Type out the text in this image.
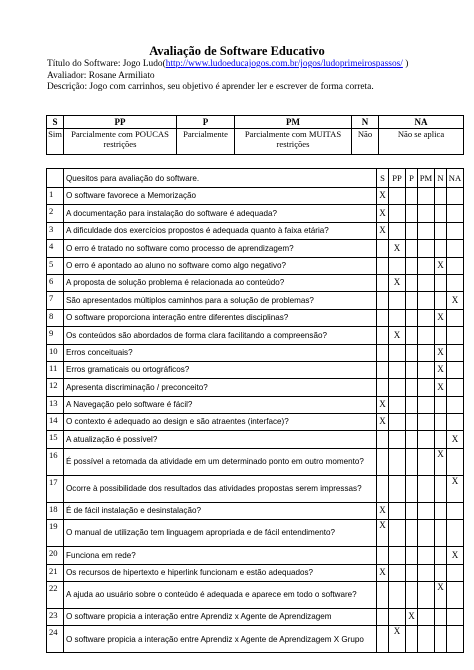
Avaliação de Software Educativo
Título do Software: Jogo Ludo(http://www.ludoeducajogos.com.br/jogos/ludoprimeirospassos/ )
Avaliador: Rosane Armiliato
Descrição: Jogo com carrinhos, seu objetivo é aprender ler e escrever de forma correta.
S	PP	P	PM	N	NA
Sim	Parcialmente com POUCAS restrições	Parcialmente	Parcialmente com MUITAS restrições	Não	Não se aplica
	Quesitos para avaliação do software.	S	PP	P	PM	N	NA
1	O software favorece a Memorização	X					
2	A documentação para instalação do software é adequada?	X					
3	A dificuldade dos exercícios propostos é adequada quanto à faixa etária?	X					
4	O erro é tratado no software como processo de aprendizagem?		X				
5	O erro é apontado ao aluno no software como algo negativo?					X	
6	A proposta de solução problema é relacionada ao conteúdo?		X				
7	São apresentados múltiplos caminhos para a solução de problemas?						X
8	O software proporciona interação entre diferentes disciplinas?					X	
9	Os conteúdos são abordados de forma clara facilitando a compreensão?		X				
10	Erros conceituais?					X	
11	Erros gramaticais ou ortográficos?					X	
12	Apresenta discriminação / preconceito?					X	
13	A Navegação pelo software é fácil?	X					
14	O contexto é adequado ao design e são atraentes (interface)?	X					
15	A atualização é possível?						X
16	É possível a retomada da atividade em um determinado ponto em outro momento?					X	
17	Ocorre à possibilidade dos resultados das atividades propostas serem impressas?						X
18	É de fácil instalação e desinstalação?	X					
19	O manual de utilização tem linguagem apropriada e de fácil entendimento?	X					
20	Funciona em rede?						X
21	Os recursos de hipertexto e hiperlink funcionam e estão adequados?	X					
22	A ajuda ao usuário sobre o conteúdo é adequada e aparece em todo o software?					X	
23	O software propicia a interação entre Aprendiz x Agente de Aprendizagem			X			
24	O software propicia a interação entre Aprendiz x Agente de Aprendizagem X Grupo		X				
